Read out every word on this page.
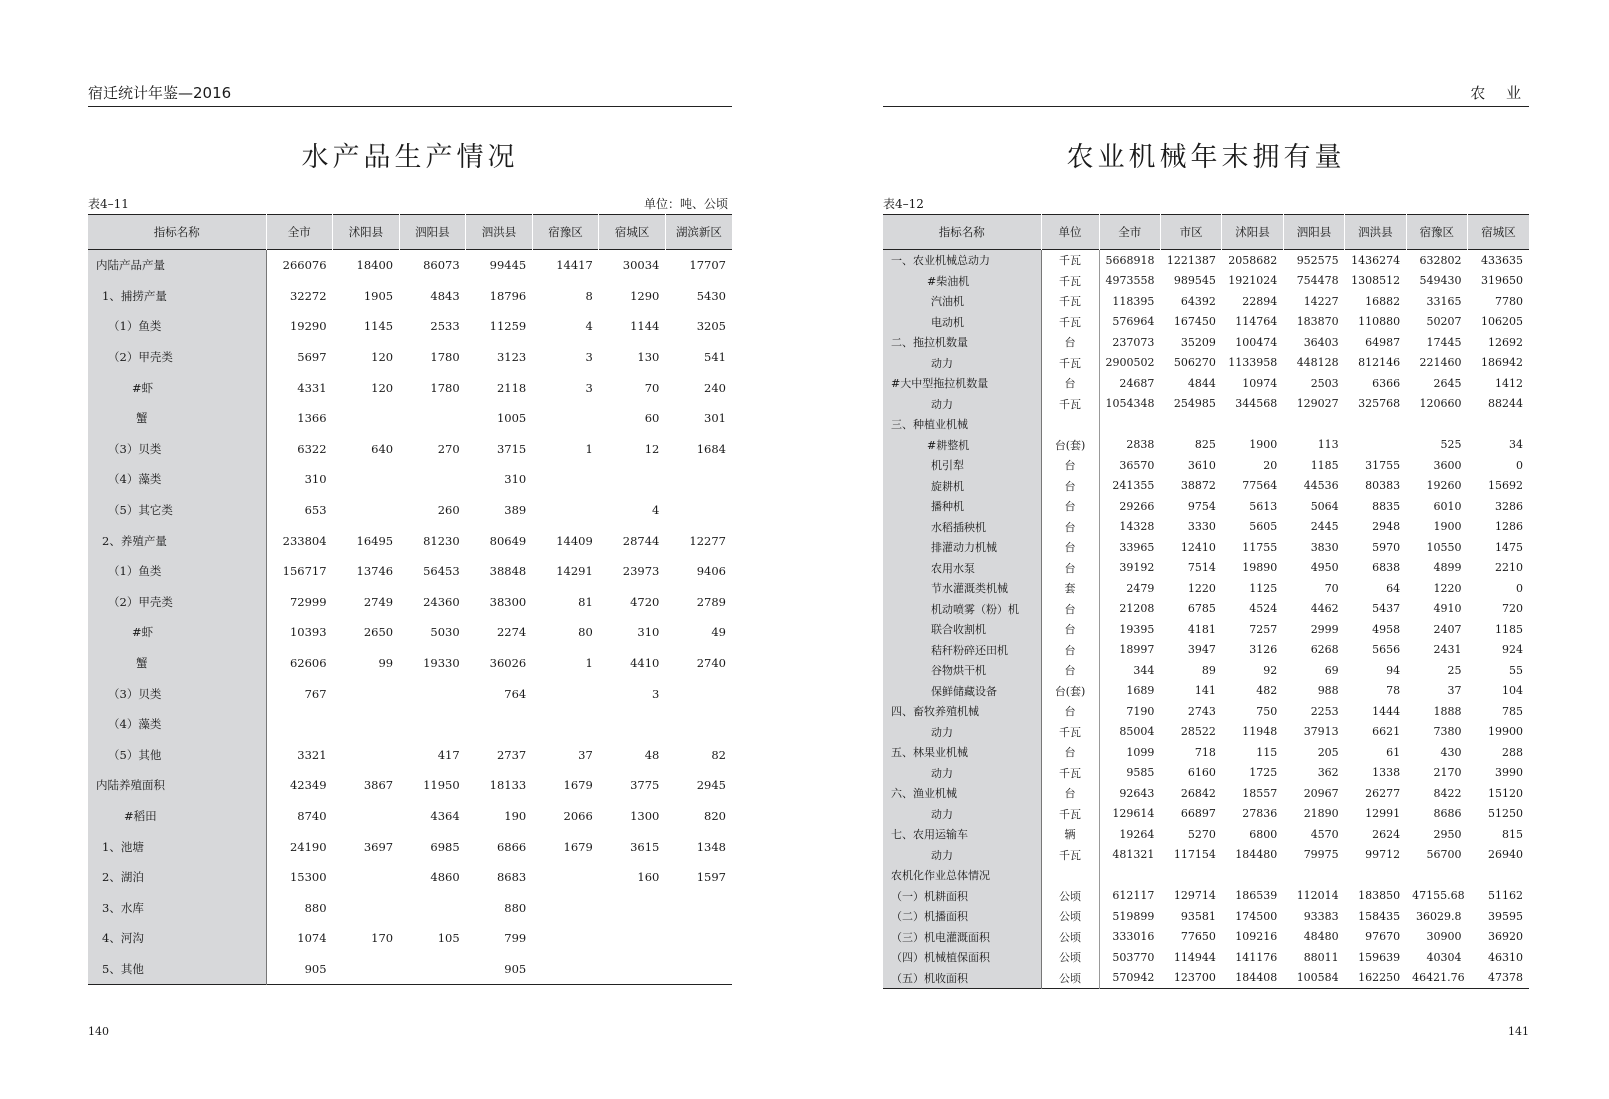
宿迁统计年鉴—2016
水产品生产情况
表4–11	单位：吨、公顷
指标名称	全市	沭阳县	泗阳县	泗洪县	宿豫区	宿城区	湖滨新区
内陆产品产量	266076	18400	86073	99445	14417	30034	17707
1、捕捞产量	32272	1905	4843	18796	8	1290	5430
（1）鱼类	19290	1145	2533	11259	4	1144	3205
（2）甲壳类	5697	120	1780	3123	3	130	541
#虾	4331	120	1780	2118	3	70	240
蟹	1366			1005		60	301
（3）贝类	6322	640	270	3715	1	12	1684
（4）藻类	310			310			
（5）其它类	653		260	389		4	
2、养殖产量	233804	16495	81230	80649	14409	28744	12277
（1）鱼类	156717	13746	56453	38848	14291	23973	9406
（2）甲壳类	72999	2749	24360	38300	81	4720	2789
#虾	10393	2650	5030	2274	80	310	49
蟹	62606	99	19330	36026	1	4410	2740
（3）贝类	767			764		3	
（4）藻类							
（5）其他	3321		417	2737	37	48	82
内陆养殖面积	42349	3867	11950	18133	1679	3775	2945
#稻田	8740		4364	190	2066	1300	820
1、池塘	24190	3697	6985	6866	1679	3615	1348
2、湖泊	15300		4860	8683		160	1597
3、水库	880			880			
4、河沟	1074	170	105	799			
5、其他	905			905			
140
农 业
农业机械年末拥有量
表4–12
指标名称	单位	全市	市区	沭阳县	泗阳县	泗洪县	宿豫区	宿城区
一、农业机械总动力	千瓦	5668918	1221387	2058682	952575	1436274	632802	433635
#柴油机	千瓦	4973558	989545	1921024	754478	1308512	549430	319650
汽油机	千瓦	118395	64392	22894	14227	16882	33165	7780
电动机	千瓦	576964	167450	114764	183870	110880	50207	106205
二、拖拉机数量	台	237073	35209	100474	36403	64987	17445	12692
动力	千瓦	2900502	506270	1133958	448128	812146	221460	186942
#大中型拖拉机数量	台	24687	4844	10974	2503	6366	2645	1412
动力	千瓦	1054348	254985	344568	129027	325768	120660	88244
三、种植业机械								
#耕整机	台(套)	2838	825	1900	113		525	34
机引犁	台	36570	3610	20	1185	31755	3600	0
旋耕机	台	241355	38872	77564	44536	80383	19260	15692
播种机	台	29266	9754	5613	5064	8835	6010	3286
水稻插秧机	台	14328	3330	5605	2445	2948	1900	1286
排灌动力机械	台	33965	12410	11755	3830	5970	10550	1475
农用水泵	台	39192	7514	19890	4950	6838	4899	2210
节水灌溉类机械	套	2479	1220	1125	70	64	1220	0
机动喷雾（粉）机	台	21208	6785	4524	4462	5437	4910	720
联合收割机	台	19395	4181	7257	2999	4958	2407	1185
秸秆粉碎还田机	台	18997	3947	3126	6268	5656	2431	924
谷物烘干机	台	344	89	92	69	94	25	55
保鲜储藏设备	台(套)	1689	141	482	988	78	37	104
四、畜牧养殖机械	台	7190	2743	750	2253	1444	1888	785
动力	千瓦	85004	28522	11948	37913	6621	7380	19900
五、林果业机械	台	1099	718	115	205	61	430	288
动力	千瓦	9585	6160	1725	362	1338	2170	3990
六、渔业机械	台	92643	26842	18557	20967	26277	8422	15120
动力	千瓦	129614	66897	27836	21890	12991	8686	51250
七、农用运输车	辆	19264	5270	6800	4570	2624	2950	815
动力	千瓦	481321	117154	184480	79975	99712	56700	26940
农机化作业总体情况								
（一）机耕面积	公顷	612117	129714	186539	112014	183850	47155.68	51162
（二）机播面积	公顷	519899	93581	174500	93383	158435	36029.8	39595
（三）机电灌溉面积	公顷	333016	77650	109216	48480	97670	30900	36920
（四）机械植保面积	公顷	503770	114944	141176	88011	159639	40304	46310
（五）机收面积	公顷	570942	123700	184408	100584	162250	46421.76	47378
141
